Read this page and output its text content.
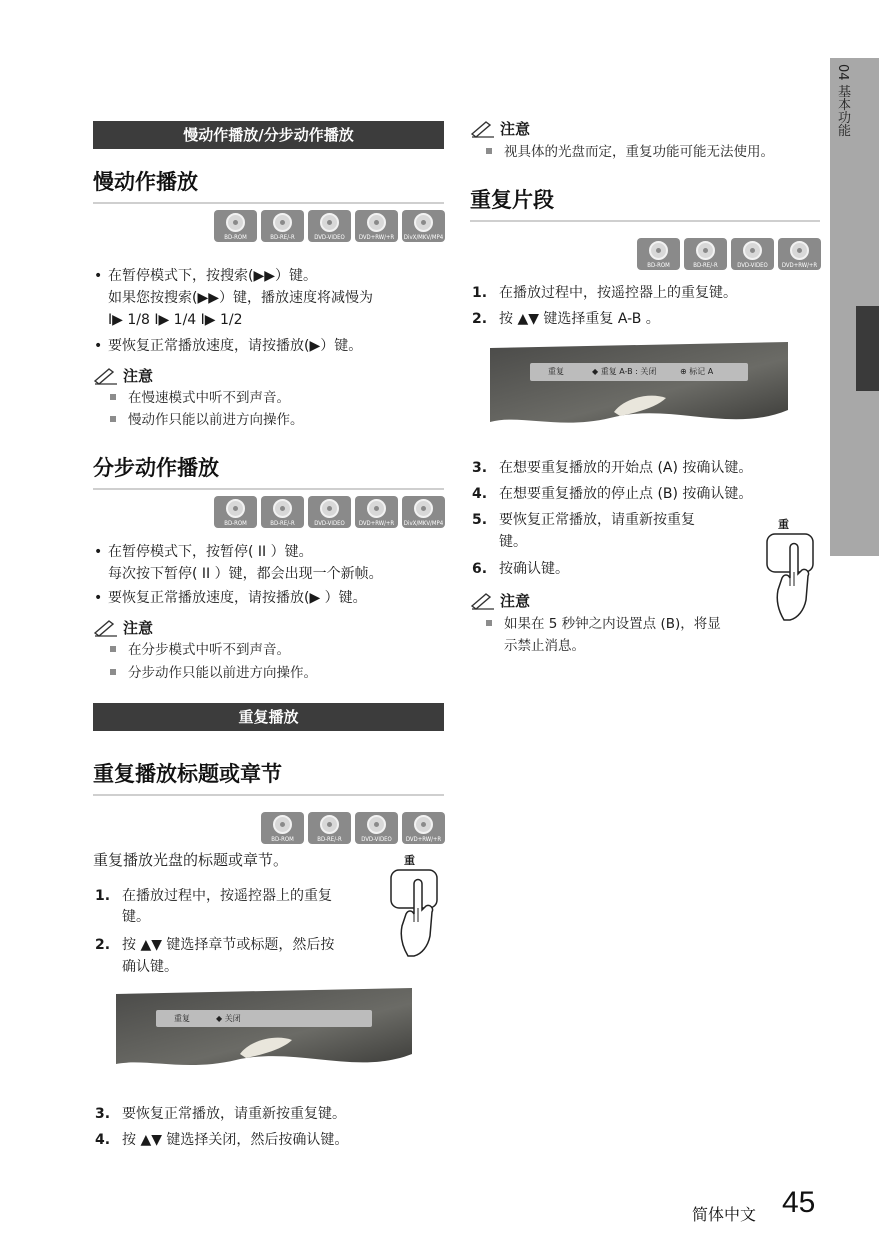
04 基本功能
慢动作播放/分步动作播放
慢动作播放
BD-ROM	BD-RE/-R	DVD-VIDEO	DVD+RW/+R	DivX/MKV/MP4
• 在暂停模式下，按搜索(▶▶）键。
如果您按搜索(▶▶）键，播放速度将减慢为
I▶ 1/8 I▶ 1/4 I▶ 1/2
• 要恢复正常播放速度，请按播放(▶）键。
注意
在慢速模式中听不到声音。
慢动作只能以前进方向操作。
分步动作播放
BD-ROM	BD-RE/-R	DVD-VIDEO	DVD+RW/+R	DivX/MKV/MP4
• 在暂停模式下，按暂停( II ）键。
每次按下暂停( II ）键，都会出现一个新帧。
• 要恢复正常播放速度，请按播放(▶ ）键。
注意
在分步模式中听不到声音。
分步动作只能以前进方向操作。
重复播放
重复播放标题或章节
BD-ROM	BD-RE/-R	DVD-VIDEO	DVD+RW/+R
重复播放光盘的标题或章节。	重
1. 在播放过程中，按遥控器上的重复
键。
2. 按 ▲▼ 键选择章节或标题，然后按
确认键。
重复	◆ 关闭
3. 要恢复正常播放，请重新按重复键。
4. 按 ▲▼ 键选择关闭，然后按确认键。
注意
视具体的光盘而定，重复功能可能无法使用。
重复片段
BD-ROM	BD-RE/-R	DVD-VIDEO	DVD+RW/+R
1. 在播放过程中，按遥控器上的重复键。
2. 按 ▲▼ 键选择重复 A-B 。
重复	◆ 重复 A-B : 关闭	⊕ 标记 A
3. 在想要重复播放的开始点 (A) 按确认键。
4. 在想要重复播放的停止点 (B) 按确认键。
5. 要恢复正常播放，请重新按重复
键。
6. 按确认键。
重
注意
如果在 5 秒钟之内设置点 (B)，将显
示禁止消息。
简体中文 45
